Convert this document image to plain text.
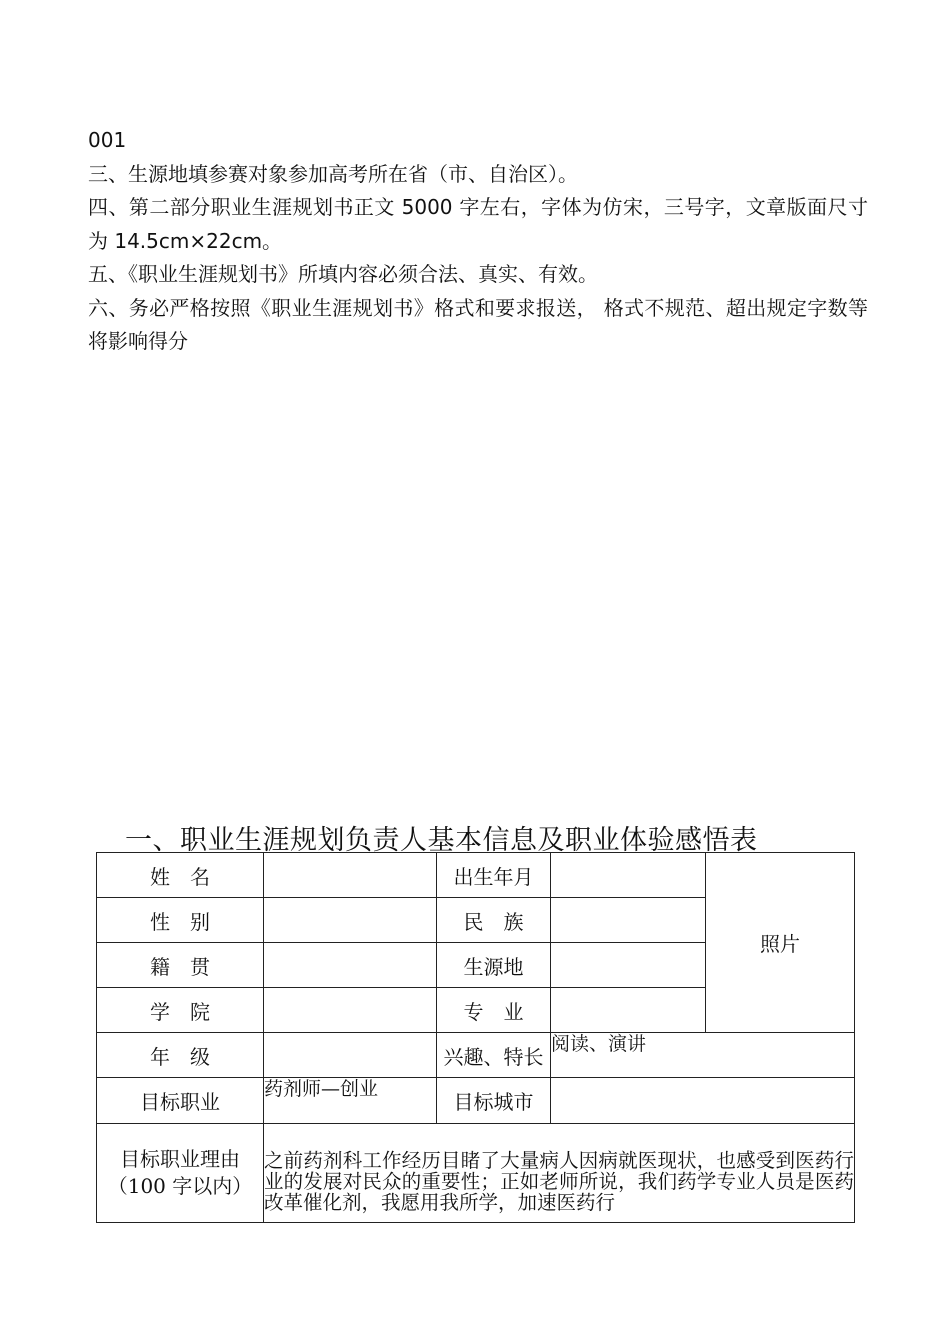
001

三、生源地填参赛对象参加高考所在省（市、自治区）。

四、第二部分职业生涯规划书正文 5000 字左右，字体为仿宋，三号字，文章版面尺寸为 14.5cm×22cm。

五、《职业生涯规划书》所填内容必须合法、真实、有效。

六、务必严格按照《职业生涯规划书》格式和要求报送， 格式不规范、超出规定字数等将影响得分

一、职业生涯规划负责人基本信息及职业体验感悟表
姓　名		出生年月		照片
性　别		民　族		
籍　贯		生源地		
学　院		专　业		
年　级		兴趣、特长	阅读、演讲	
目标职业	药剂师—创业	目标城市		
目标职业理由（100 字以内）	之前药剂科工作经历目睹了大量病人因病就医现状，也感受到医药行业的发展对民众的重要性；正如老师所说，我们药学专业人员是医药改革催化剂，我愿用我所学，加速医药行			
